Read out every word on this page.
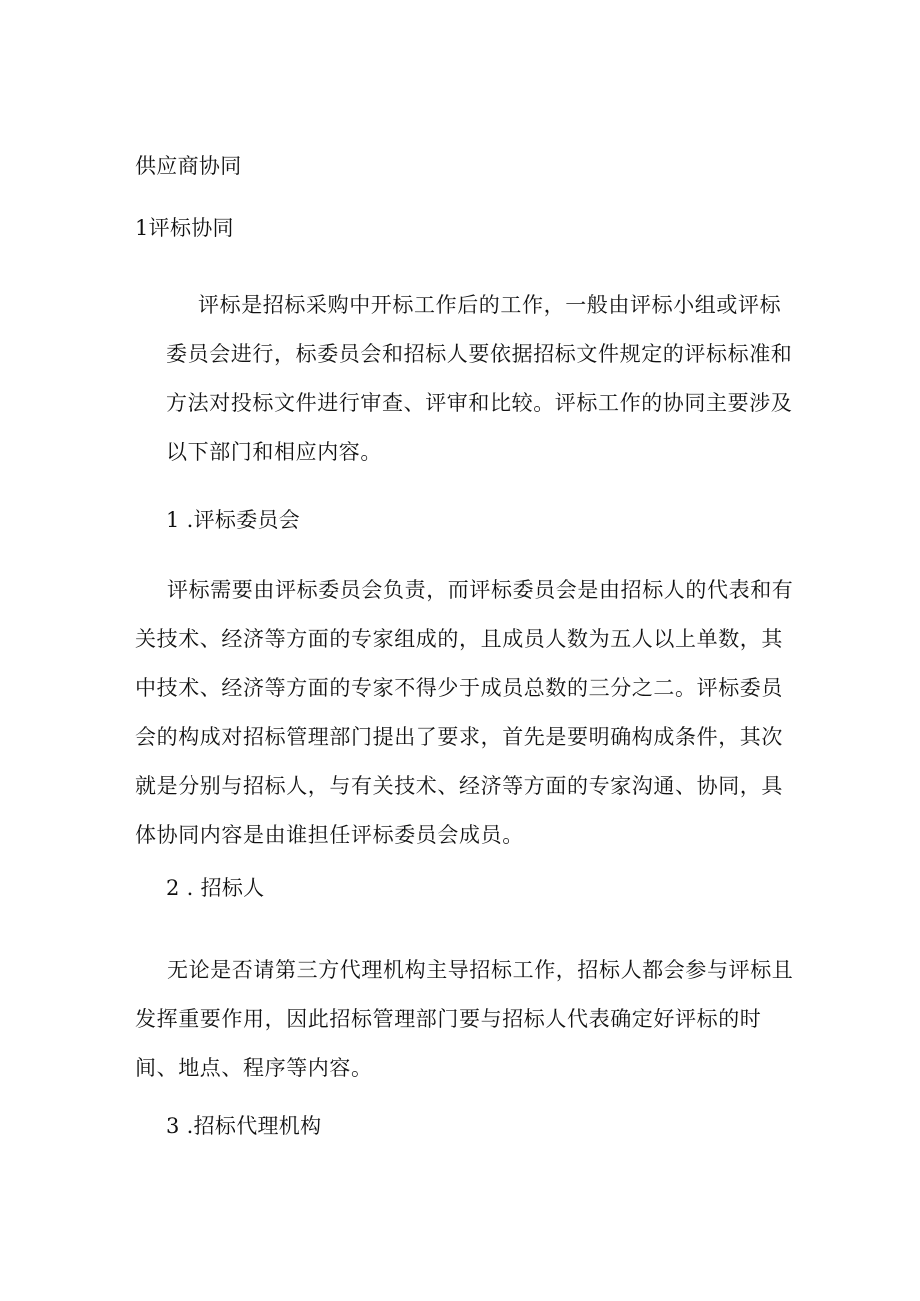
供应商协同
1评标协同
评标是招标采购中开标工作后的工作，一般由评标小组或评标委员会进行，标委员会和招标人要依据招标文件规定的评标标准和方法对投标文件进行审查、评审和比较。评标工作的协同主要涉及以下部门和相应内容。
1 .评标委员会
评标需要由评标委员会负责，而评标委员会是由招标人的代表和有关技术、经济等方面的专家组成的，且成员人数为五人以上单数，其中技术、经济等方面的专家不得少于成员总数的三分之二。评标委员会的构成对招标管理部门提出了要求，首先是要明确构成条件，其次就是分别与招标人，与有关技术、经济等方面的专家沟通、协同，具体协同内容是由谁担任评标委员会成员。
2 . 招标人
无论是否请第三方代理机构主导招标工作，招标人都会参与评标且发挥重要作用，因此招标管理部门要与招标人代表确定好评标的时间、地点、程序等内容。
3 .招标代理机构
